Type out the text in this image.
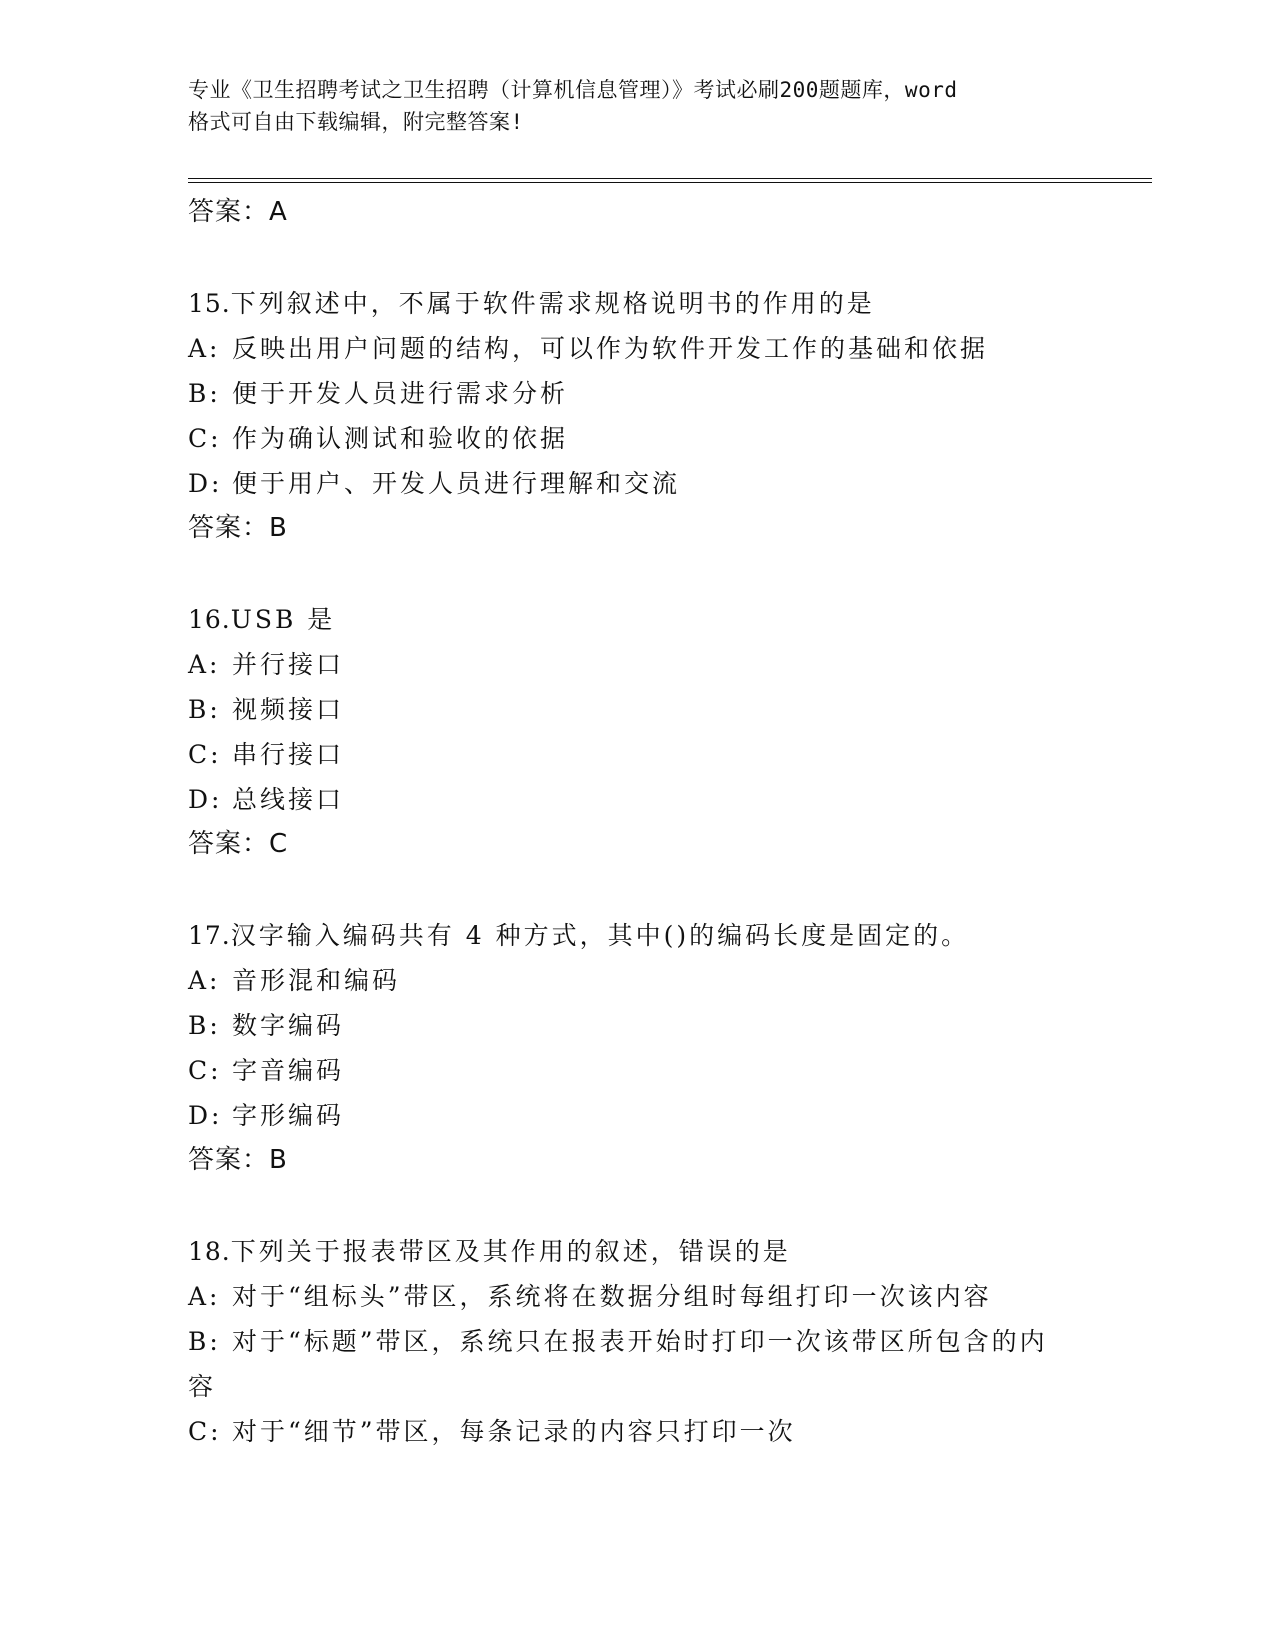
专业《卫生招聘考试之卫生招聘（计算机信息管理）》考试必刷200题题库，word
格式可自由下载编辑，附完整答案!
答案：A
15.下列叙述中，不属于软件需求规格说明书的作用的是
A: 反映出用户问题的结构，可以作为软件开发工作的基础和依据
B: 便于开发人员进行需求分析
C: 作为确认测试和验收的依据
D: 便于用户、开发人员进行理解和交流
答案：B
16.USB 是
A: 并行接口
B: 视频接口
C: 串行接口
D: 总线接口
答案：C
17.汉字输入编码共有 4 种方式，其中()的编码长度是固定的。
A: 音形混和编码
B: 数字编码
C: 字音编码
D: 字形编码
答案：B
18.下列关于报表带区及其作用的叙述，错误的是
A: 对于“组标头”带区，系统将在数据分组时每组打印一次该内容
B: 对于“标题”带区，系统只在报表开始时打印一次该带区所包含的内容
C: 对于“细节”带区，每条记录的内容只打印一次
